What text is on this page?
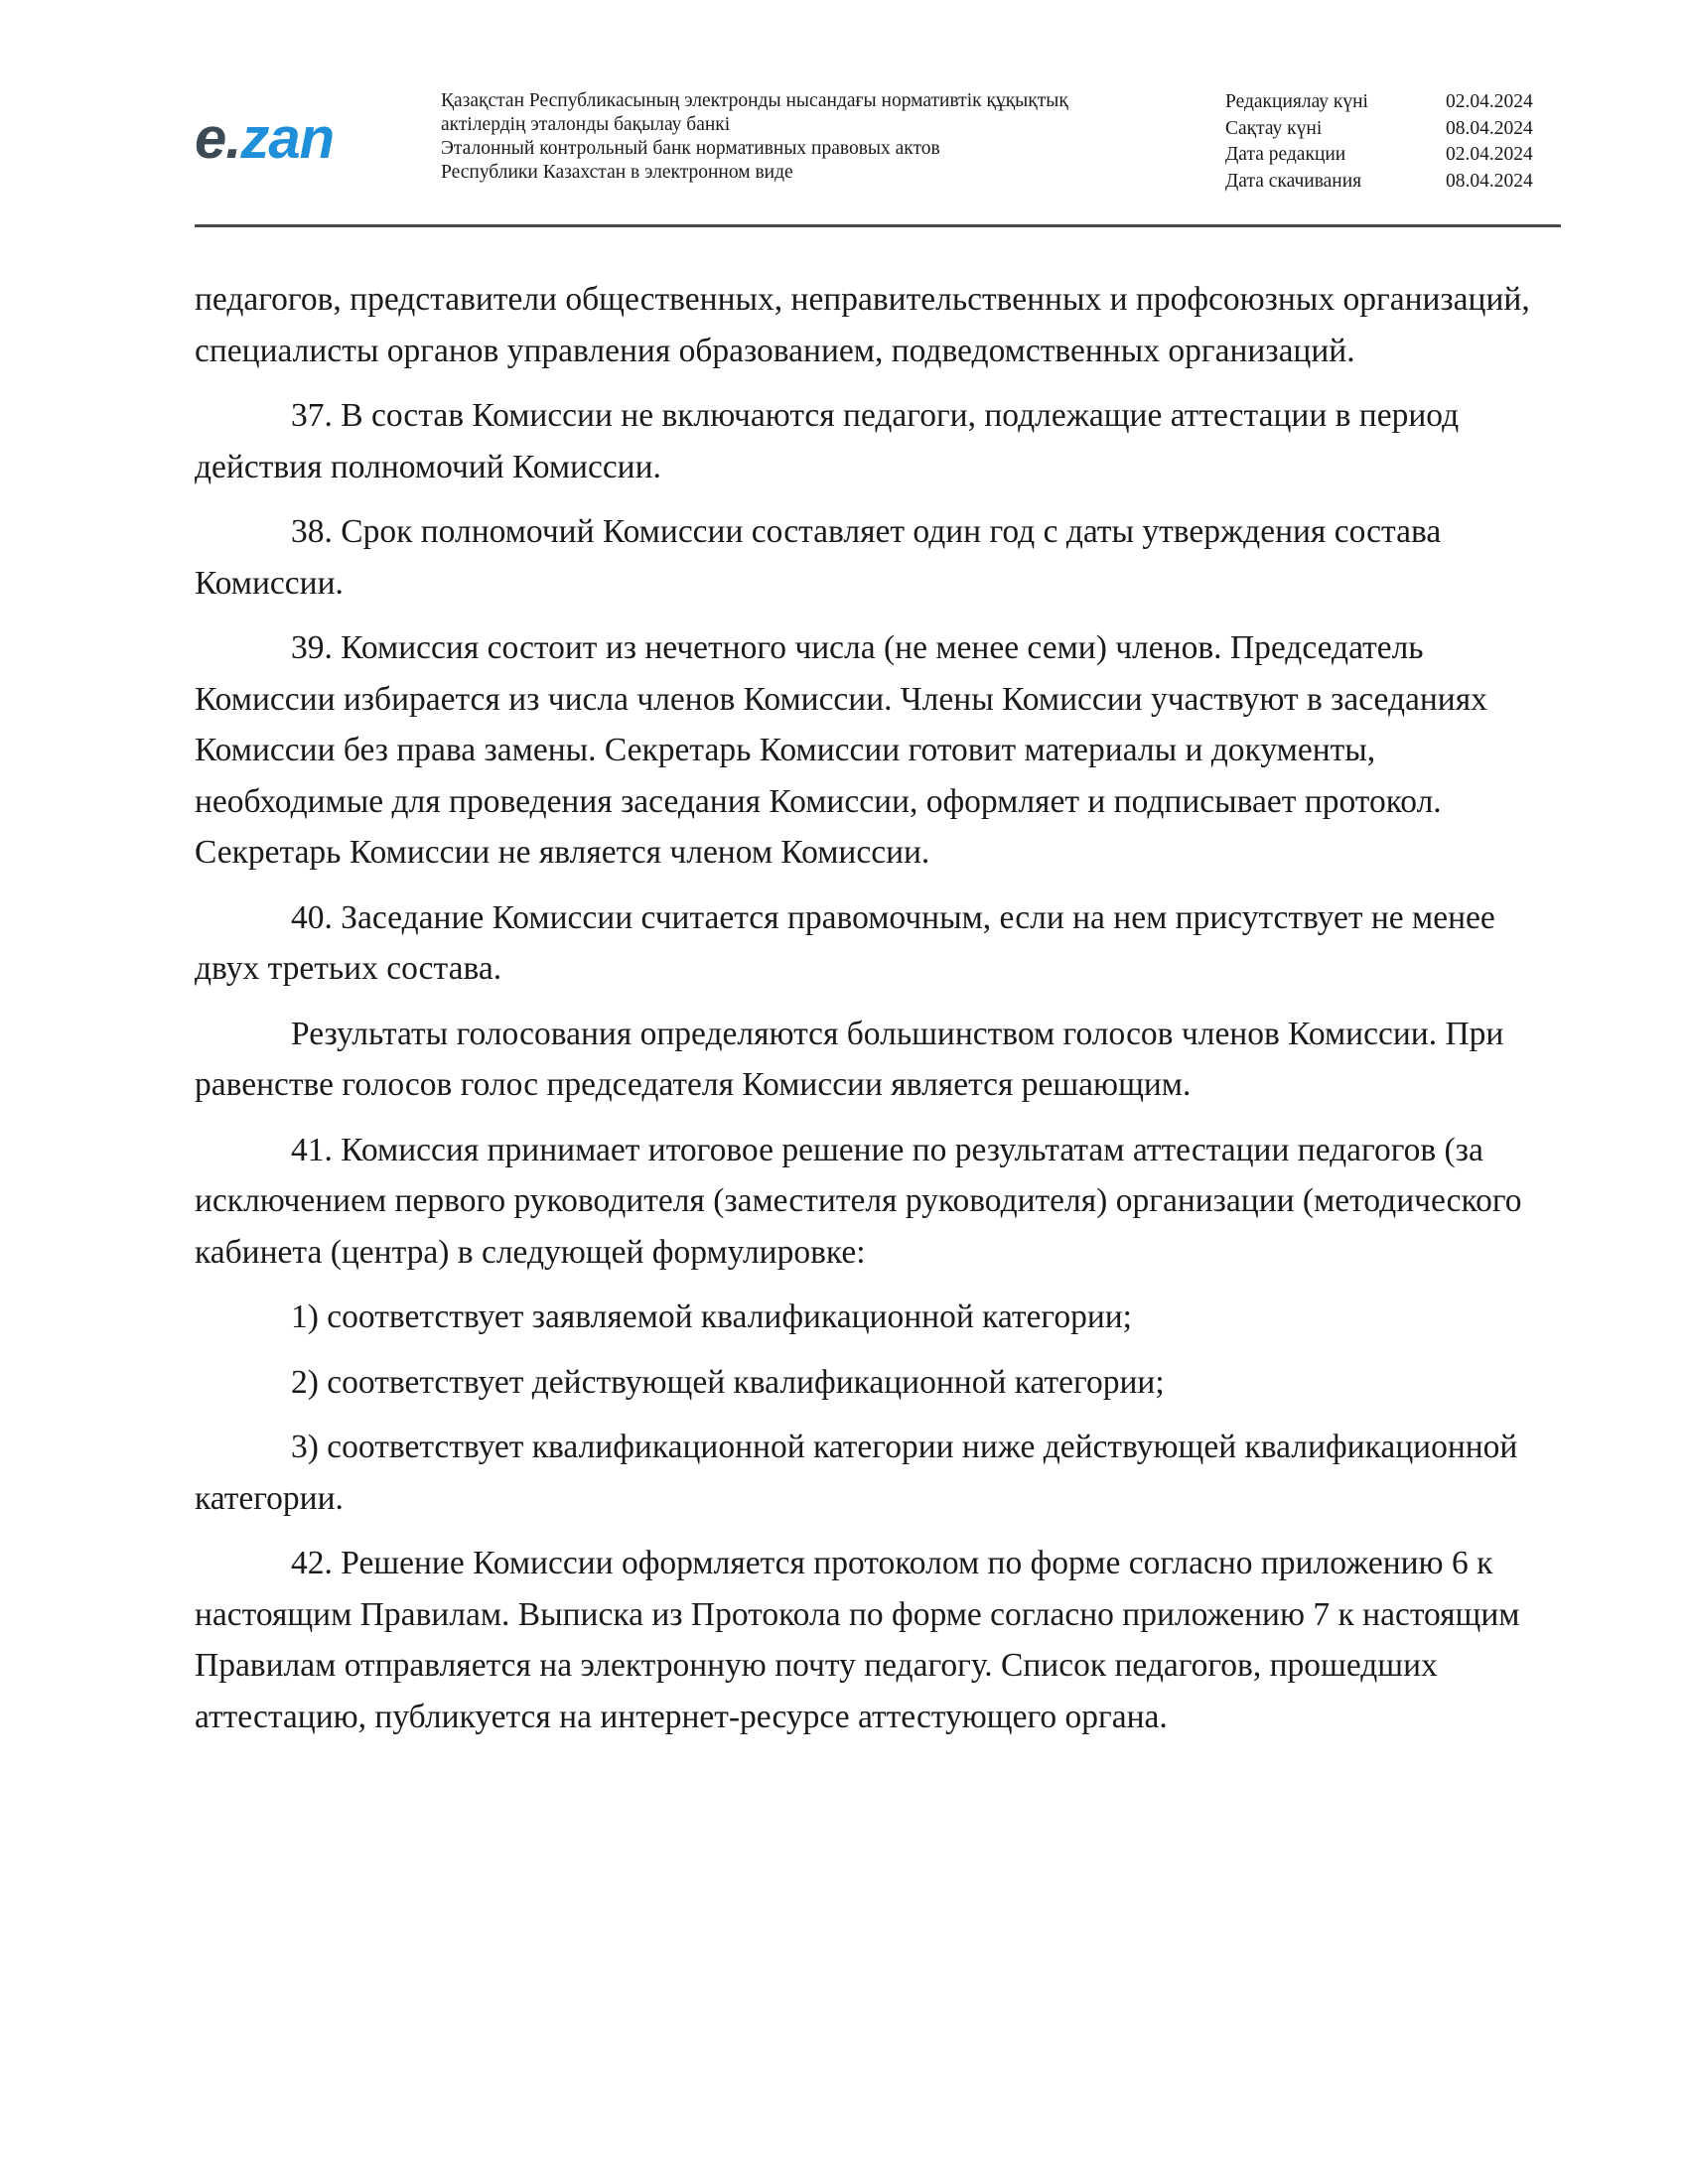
e.zan
Қазақстан Республикасының электронды нысандағы нормативтік құқықтық
актілердің эталонды бақылау банкі
Эталонный контрольный банк нормативных правовых актов
Республики Казахстан в электронном виде
Редакциялау күні	02.04.2024
Сақтау күні	08.04.2024
Дата редакции	02.04.2024
Дата скачивания	08.04.2024

педагогов, представители общественных, неправительственных и профсоюзных организаций, специалисты органов управления образованием, подведомственных организаций.

37. В состав Комиссии не включаются педагоги, подлежащие аттестации в период действия полномочий Комиссии.

38. Срок полномочий Комиссии составляет один год с даты утверждения состава Комиссии.

39. Комиссия состоит из нечетного числа (не менее семи) членов. Председатель Комиссии избирается из числа членов Комиссии. Члены Комиссии участвуют в заседаниях Комиссии без права замены. Секретарь Комиссии готовит материалы и документы, необходимые для проведения заседания Комиссии, оформляет и подписывает протокол. Секретарь Комиссии не является членом Комиссии.

40. Заседание Комиссии считается правомочным, если на нем присутствует не менее двух третьих состава.

Результаты голосования определяются большинством голосов членов Комиссии. При равенстве голосов голос председателя Комиссии является решающим.

41. Комиссия принимает итоговое решение по результатам аттестации педагогов (за исключением первого руководителя (заместителя руководителя) организации (методического кабинета (центра) в следующей формулировке:

1) соответствует заявляемой квалификационной категории;

2) соответствует действующей квалификационной категории;

3) соответствует квалификационной категории ниже действующей квалификационной категории.

42. Решение Комиссии оформляется протоколом по форме согласно приложению 6 к настоящим Правилам. Выписка из Протокола по форме согласно приложению 7 к настоящим Правилам отправляется на электронную почту педагогу. Список педагогов, прошедших аттестацию, публикуется на интернет-ресурсе аттестующего органа.
